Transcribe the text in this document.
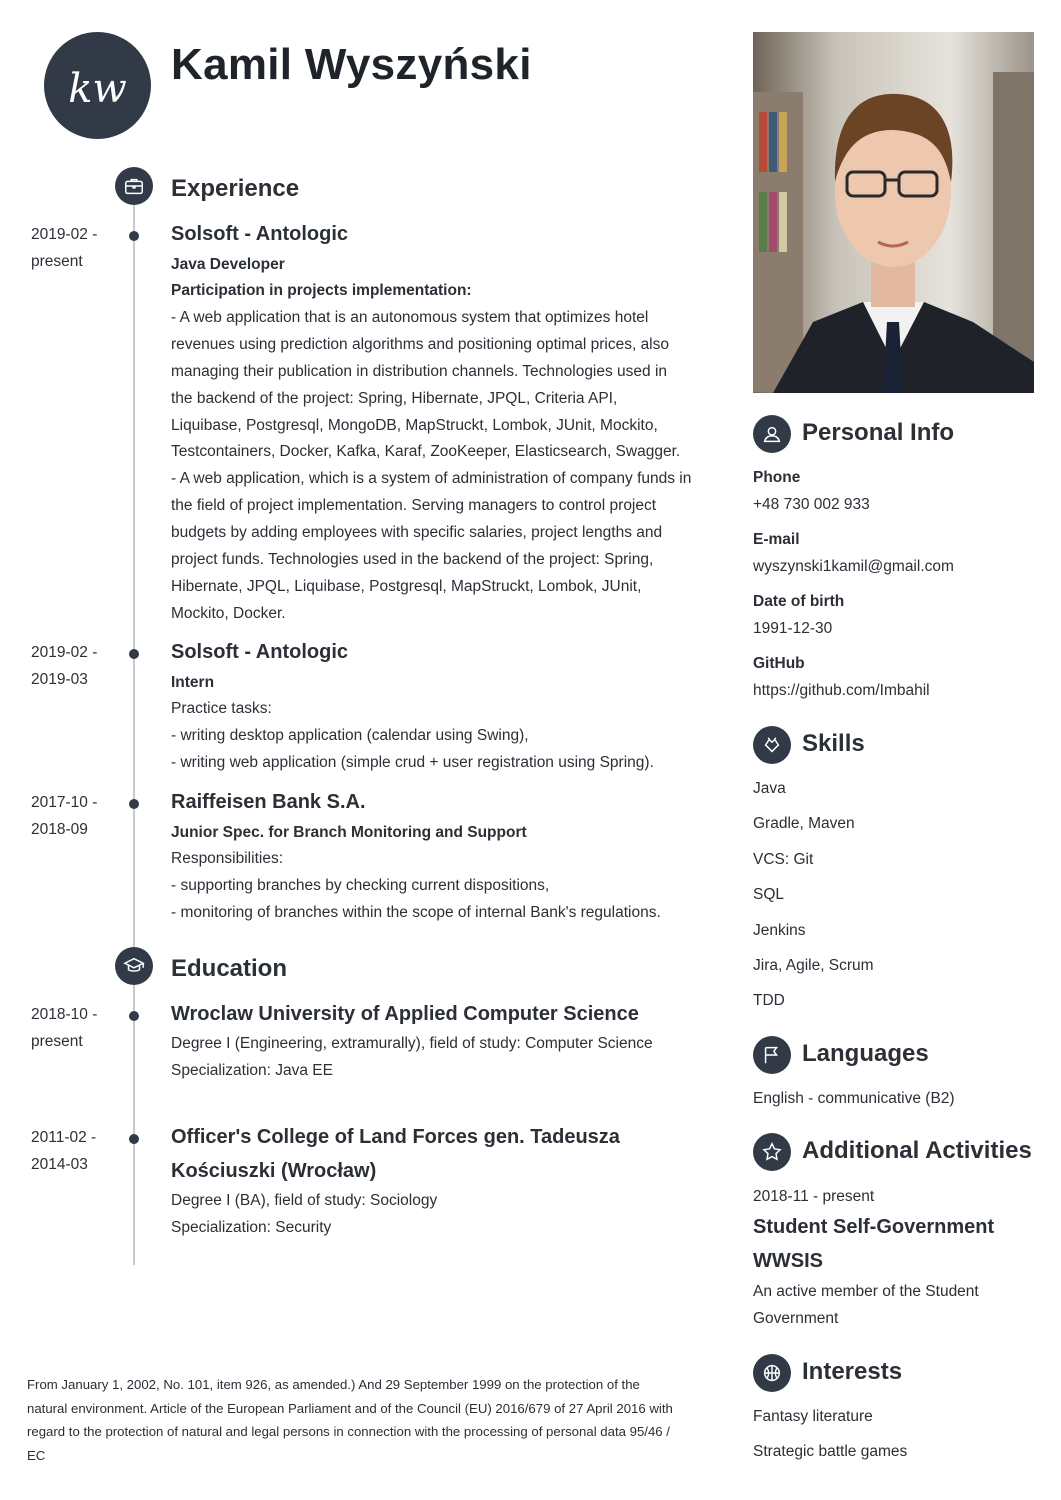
kw Kamil Wyszyński
Experience
2019-02 -
present
Solsoft - Antologic
Java Developer
Participation in projects implementation:
- A web application that is an autonomous system that optimizes hotel
revenues using prediction algorithms and positioning optimal prices, also
managing their publication in distribution channels. Technologies used in
the backend of the project: Spring, Hibernate, JPQL, Criteria API,
Liquibase, Postgresql, MongoDB, MapStruckt, Lombok, JUnit, Mockito,
Testcontainers, Docker, Kafka, Karaf, ZooKeeper, Elasticsearch, Swagger.
- A web application, which is a system of administration of company funds in
the field of project implementation. Serving managers to control project
budgets by adding employees with specific salaries, project lengths and
project funds. Technologies used in the backend of the project: Spring,
Hibernate, JPQL, Liquibase, Postgresql, MapStruckt, Lombok, JUnit,
Mockito, Docker.
2019-02 -
2019-03
Solsoft - Antologic
Intern
Practice tasks:
- writing desktop application (calendar using Swing),
- writing web application (simple crud + user registration using Spring).
2017-10 -
2018-09
Raiffeisen Bank S.A.
Junior Spec. for Branch Monitoring and Support
Responsibilities:
- supporting branches by checking current dispositions,
- monitoring of branches within the scope of internal Bank's regulations.
Education
2018-10 -
present
Wroclaw University of Applied Computer Science
Degree I (Engineering, extramurally), field of study: Computer Science
Specialization: Java EE
2011-02 -
2014-03
Officer's College of Land Forces gen. Tadeusza
Kościuszki (Wrocław)
Degree I (BA), field of study: Sociology
Specialization: Security
From January 1, 2002, No. 101, item 926, as amended.) And 29 September 1999 on the protection of the
natural environment. Article of the European Parliament and of the Council (EU) 2016/679 of 27 April 2016 with
regard to the protection of natural and legal persons in connection with the processing of personal data 95/46 /
EC
Personal Info
Phone
+48 730 002 933
E-mail
wyszynski1kamil@gmail.com
Date of birth
1991-12-30
GitHub
https://github.com/Imbahil
Skills
Java
Gradle, Maven
VCS: Git
SQL
Jenkins
Jira, Agile, Scrum
TDD
Languages
English - communicative (B2)
Additional Activities
2018-11 - present
Student Self-Government
WWSIS
An active member of the Student
Government
Interests
Fantasy literature
Strategic battle games
